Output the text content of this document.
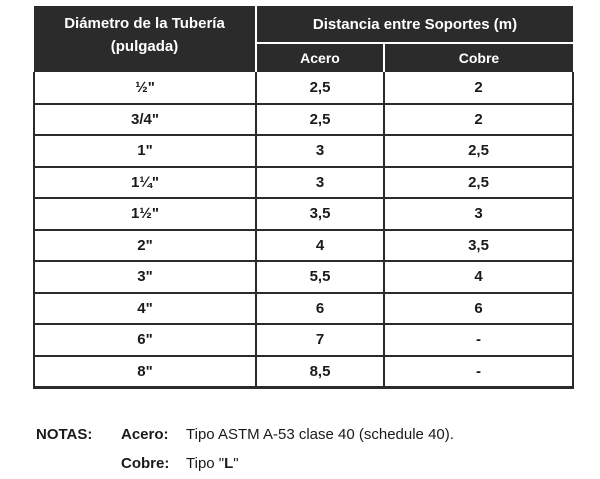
Diámetro de la Tubería
(pulgada)	Distancia entre Soportes (m)	
	Acero	Cobre
½"	2,5	2
3/4"	2,5	2
1"	3	2,5
1¼"	3	2,5
1½"	3,5	3
2"	4	3,5
3"	5,5	4
4"	6	6
6"	7	-
8"	8,5	-
NOTAS: Acero: Tipo ASTM A-53 clase 40 (schedule 40).
Cobre: Tipo "L"
